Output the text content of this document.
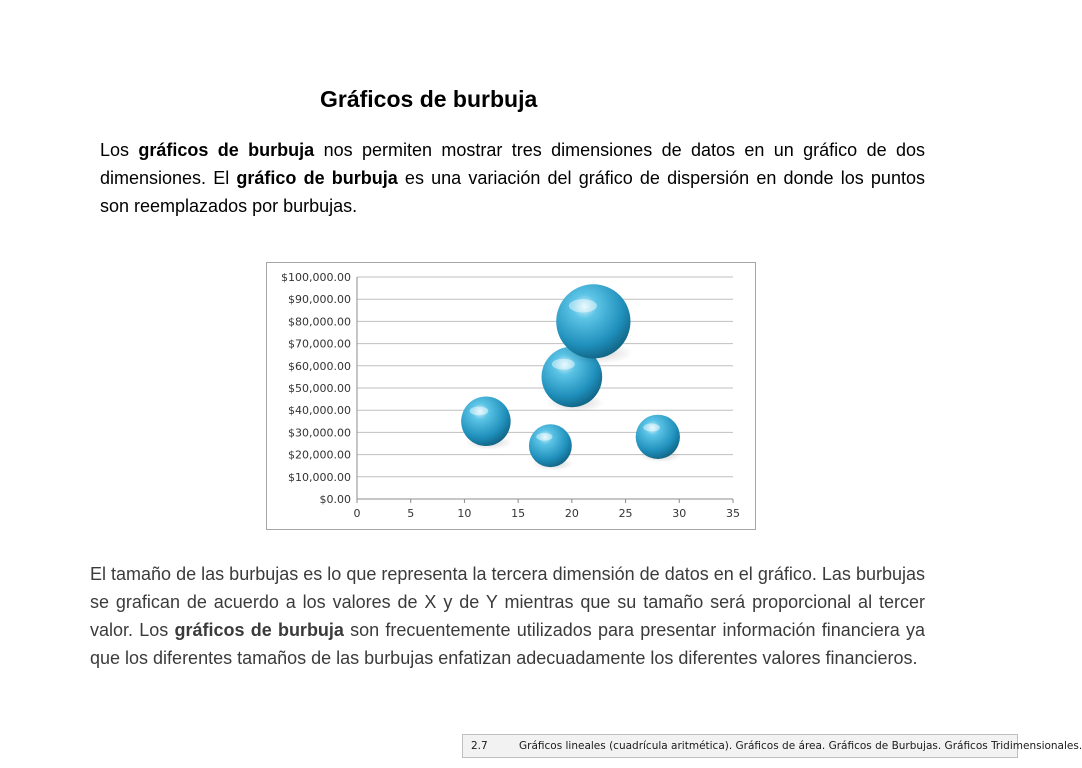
Gráficos de burbuja

Los gráficos de burbuja nos permiten mostrar tres dimensiones de datos en un gráfico de dos dimensiones. El gráfico de burbuja es una variación del gráfico de dispersión en donde los puntos son reemplazados por burbujas.

$0.00
$10,000.00
$20,000.00
$30,000.00
$40,000.00
$50,000.00
$60,000.00
$70,000.00
$80,000.00
$90,000.00
$100,000.00
0	5	10	15	20	25	30	35

El tamaño de las burbujas es lo que representa la tercera dimensión de datos en el gráfico. Las burbujas se grafican de acuerdo a los valores de X y de Y mientras que su tamaño será proporcional al tercer valor. Los gráficos de burbuja son frecuentemente utilizados para presentar información financiera ya que los diferentes tamaños de las burbujas enfatizan adecuadamente los diferentes valores financieros.

2.7	Gráficos lineales (cuadrícula aritmética). Gráficos de área. Gráficos de Burbujas. Gráficos Tridimensionales.
